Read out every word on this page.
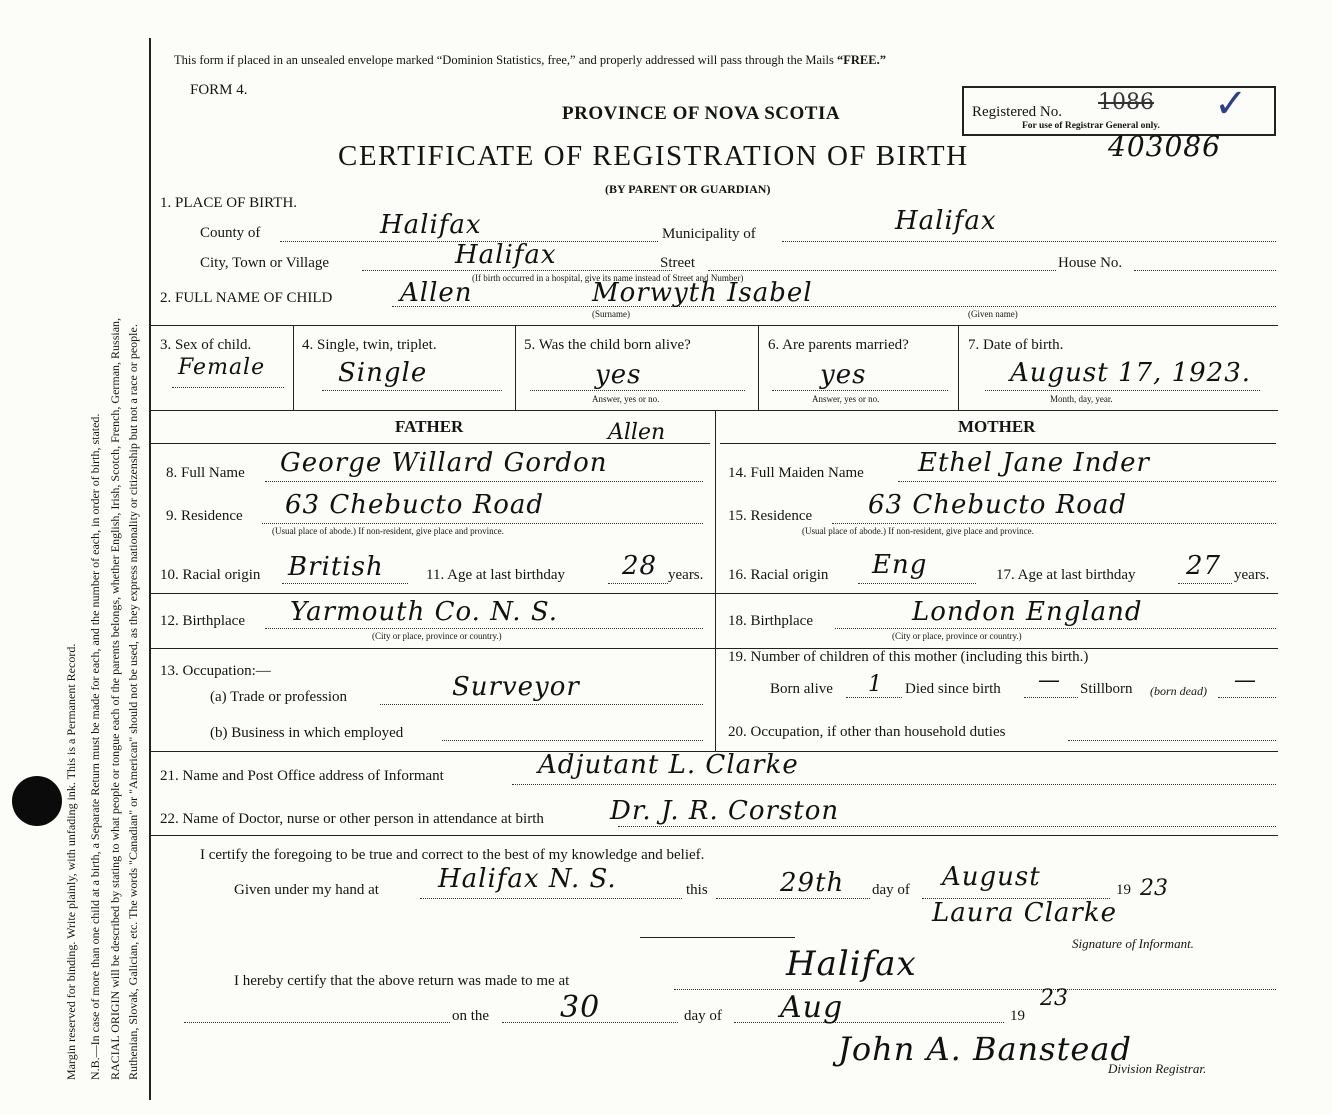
Margin reserved for binding. Write plainly, with unfading ink. This is a Permanent Record. N.B.—In case of more than one child at a birth, a Separate Return must be made for each, and the number of each, in order of birth, stated. RACIAL ORIGIN will be described by stating to what people or tongue each of the parents belongs, whether English, Irish, Scotch, French, German, Russian, Ruthenian, Slovak, Galician, etc. The words "Canadian" or "American" should not be used, as they express nationality or citizenship but not a race or people.
This form if placed in an unsealed envelope marked “Dominion Statistics, free,” and properly addressed will pass through the Mails “FREE.”
FORM 4.
PROVINCE OF NOVA SCOTIA
CERTIFICATE OF REGISTRATION OF BIRTH
(BY PARENT OR GUARDIAN)
Registered No. 1086
For use of Registrar General only. ✓
403086
1. PLACE OF BIRTH.
County of	Halifax	Municipality of	Halifax
City, Town or Village	Halifax	Street	House No.
(If birth occurred in a hospital, give its name instead of Street and Number)
2. FULL NAME OF CHILD	Allen	Morwyth Isabel
(Surname)	(Given name)
3. Sex of child.
Female
4. Single, twin, triplet.
Single
5. Was the child born alive?
yes
Answer, yes or no.
6. Are parents married?
yes
Answer, yes or no.
7. Date of birth.
August 17, 1923.
Month, day, year.
FATHER	Allen	MOTHER
8. Full Name George Willard Gordon
9. Residence 63 Chebucto Road
(Usual place of abode.) If non-resident, give place and province.
10. Racial origin British	11. Age at last birthday 28 years.
12. Birthplace Yarmouth Co. N. S.
(City or place, province or country.)
13. Occupation:—
(a) Trade or profession	Surveyor
(b) Business in which employed
14. Full Maiden Name Ethel Jane Inder
15. Residence 63 Chebucto Road
(Usual place of abode.) If non-resident, give place and province.
16. Racial origin Eng	17. Age at last birthday 27 years.
18. Birthplace	London England
(City or place, province or country.)
19. Number of children of this mother (including this birth.)
Born alive 1 Died since birth — Stillborn (born dead) —
20. Occupation, if other than household duties
21. Name and Post Office address of Informant	Adjutant L. Clarke
22. Name of Doctor, nurse or other person in attendance at birth	Dr. J. R. Corston
I certify the foregoing to be true and correct to the best of my knowledge and belief.
Given under my hand at Halifax N. S.	this	29th day of August	19 23
Laura Clarke
Signature of Informant.
I hereby certify that the above return was made to me at	Halifax
on the 30	day of Aug	19
23
John A. Banstead
Division Registrar.
